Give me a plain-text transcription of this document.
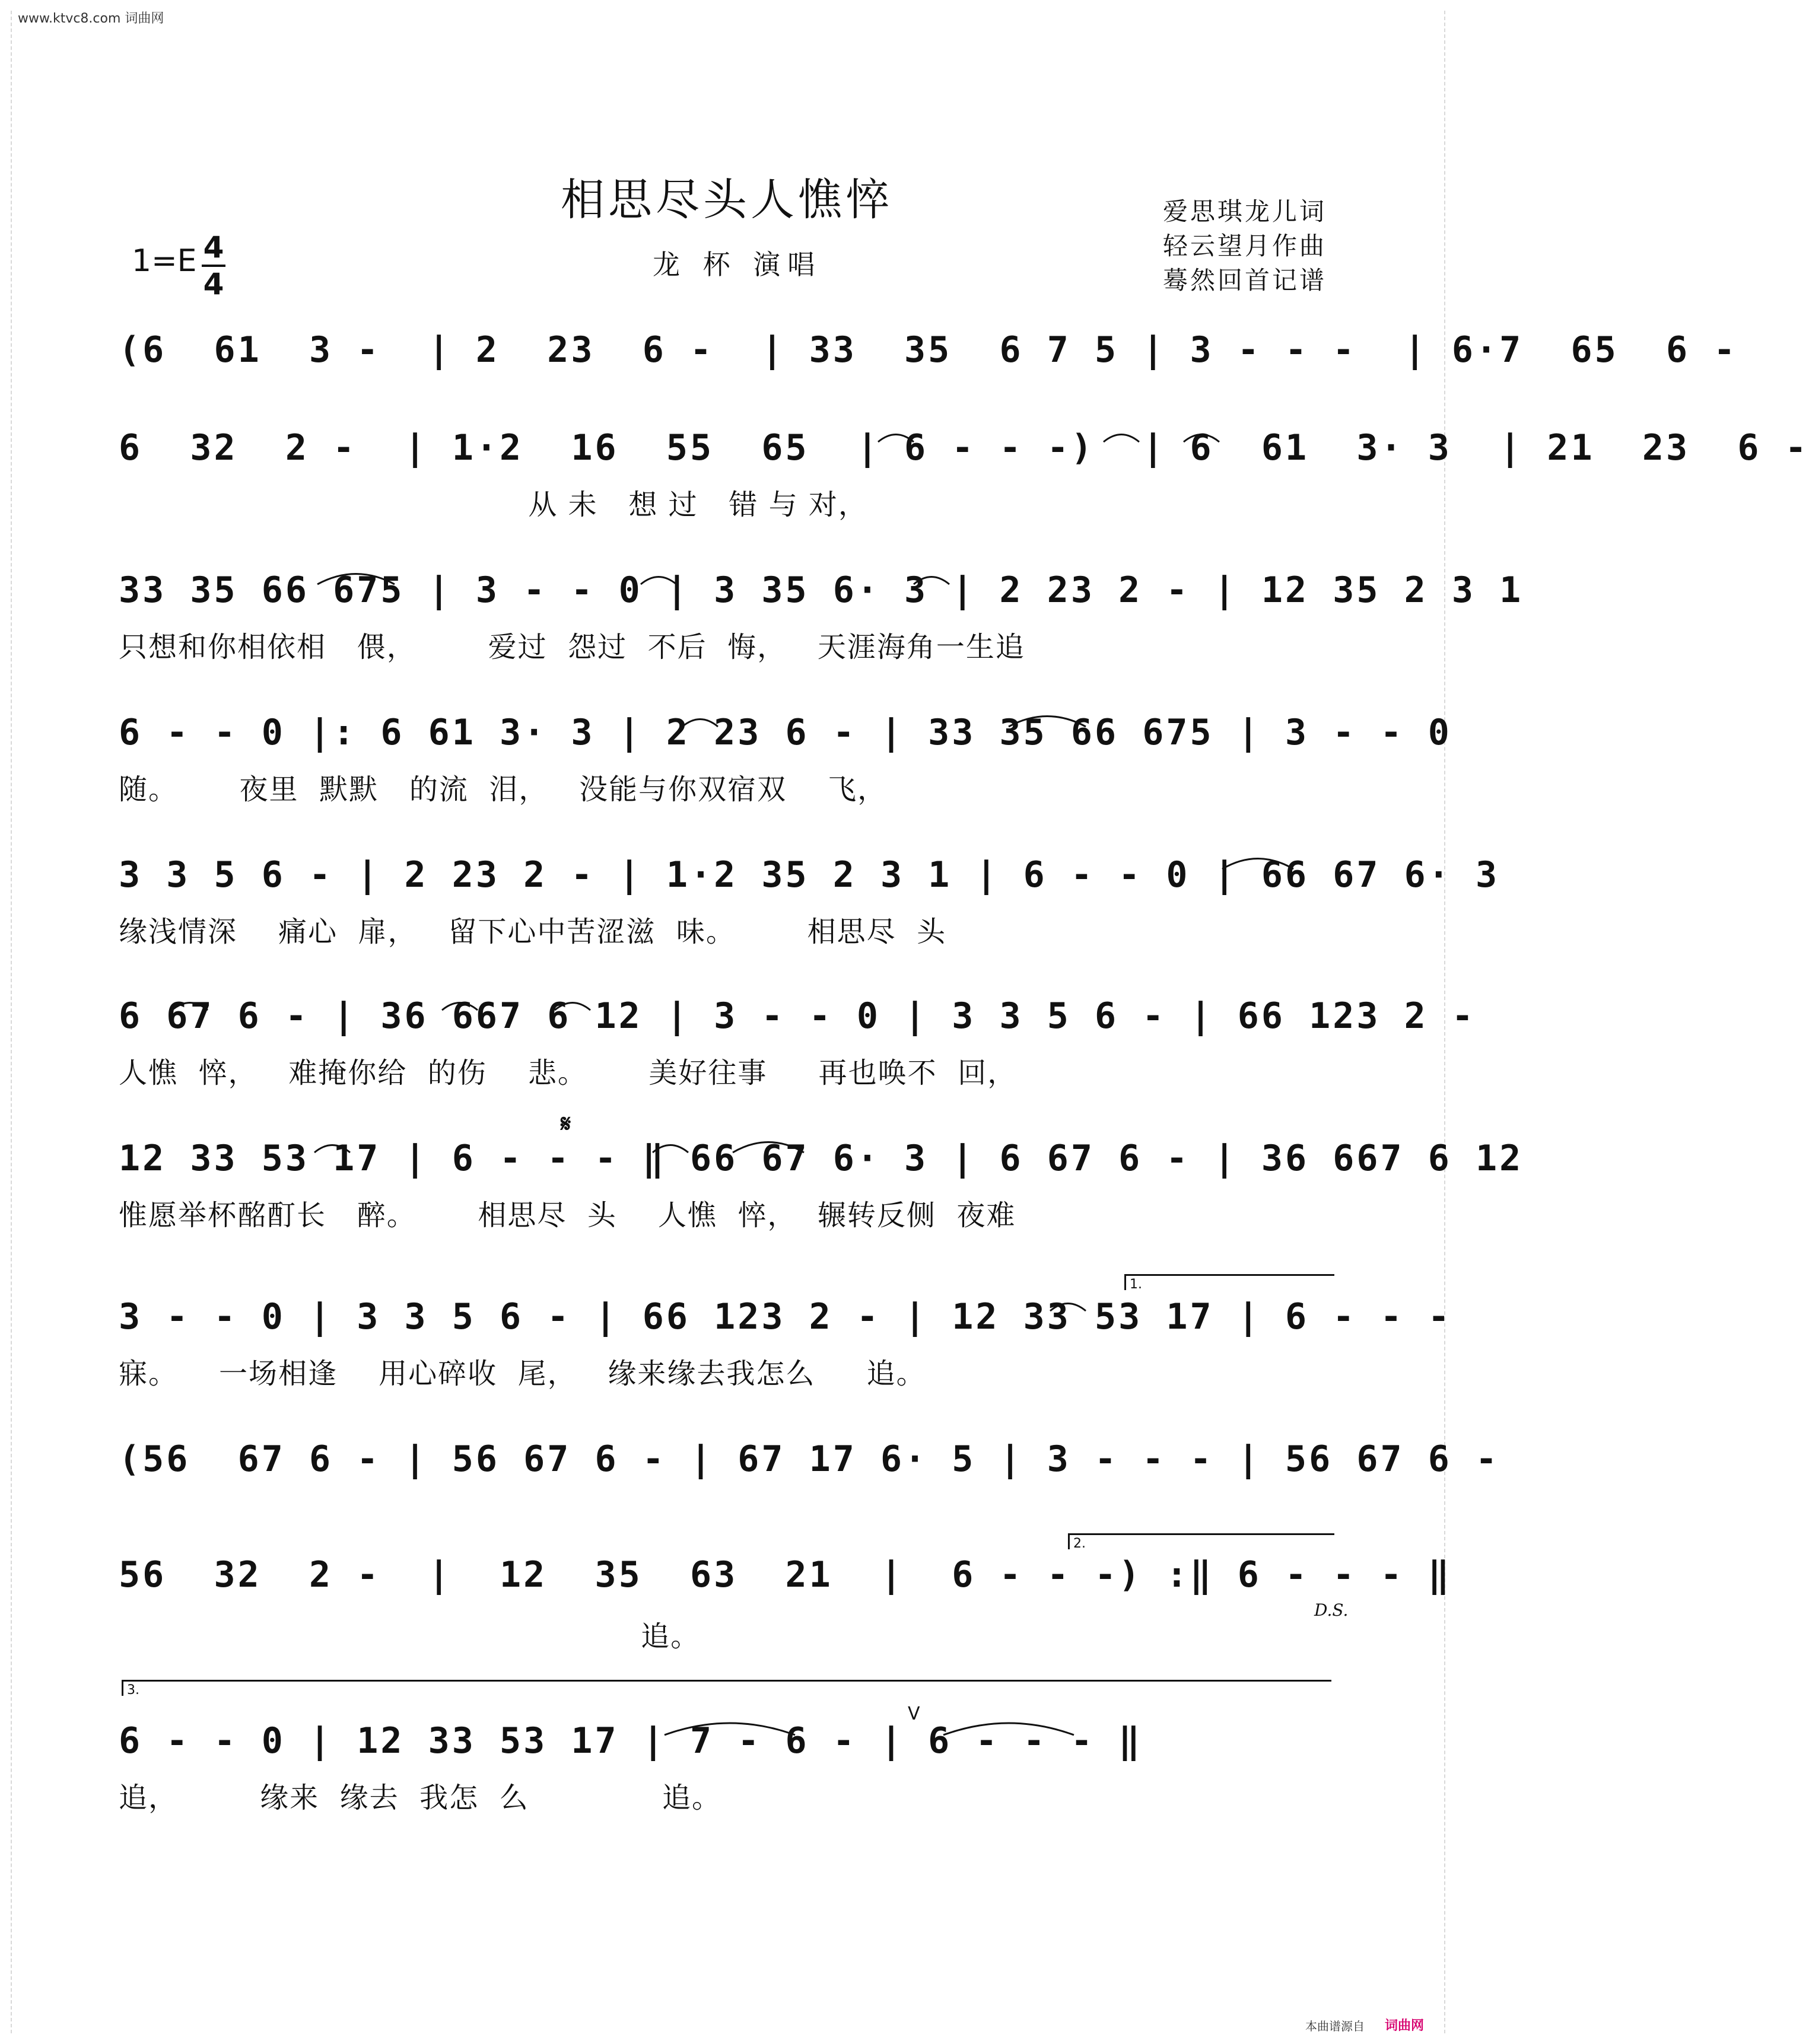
www.ktvc8.com 词曲网
相思尽头人憔悴
龙 杯 演唱
爱思琪龙儿词
轻云望月作曲
蓦然回首记谱
1=E 4
4
(6  61  3 -  | 2  23  6 -  | 33  35  6 7 5 | 3 - - -  | 6·7  65  6 -
6  32  2 -  | 1·2  16  55  65  | 6 - - -)  | 6  61  3· 3  | 21  23  6 -
从 未   想 过   错 与 对，
33 35 66 675 | 3 - - 0 | 3 35 6· 3 | 2 23 2 - | 12 35 2 3 1
只想和你相依相   偎，       爱过  怨过  不后  悔，   天涯海角一生追
6 - - 0 |: 6 61 3· 3 | 2 23 6 - | 33 35 66 675 | 3 - - 0
随。      夜里  默默   的流  泪，   没能与你双宿双    飞，
3 3 5 6 - | 2 23 2 - | 1·2 35 2 3 1 | 6 - - 0 | 66 67 6· 3
缘浅情深    痛心  扉，   留下心中苦涩滋  味。       相思尽  头
6 67 6 - | 36 667 6 12 | 3 - - 0 | 3 3 5 6 - | 66 123 2 -
人憔  悴，   难掩你给  的伤    悲。      美好往事     再也唤不  回，
𝄋
12 33 53 17 | 6 - - - ‖ 66 67 6· 3 | 6 67 6 - | 36 667 6 12
惟愿举杯酩酊长   醉。      相思尽  头    人憔  悴，  辗转反侧  夜难
1.
3 - - 0 | 3 3 5 6 - | 66 123 2 - | 12 33 53 17 | 6 - - -
寐。    一场相逢    用心碎收  尾，   缘来缘去我怎么     追。
(56  67 6 - | 56 67 6 - | 67 17 6· 5 | 3 - - - | 56 67 6 -
2.
56  32  2 -  |  12  35  63  21  |  6 - - -) :‖ 6 - - - ‖
D.S.
追。
3.
V
6 - - 0 | 12 33 53 17 | 7 - 6 - | 6 - - - ‖
追，        缘来  缘去  我怎  么             追。
本曲谱源自 词曲网
